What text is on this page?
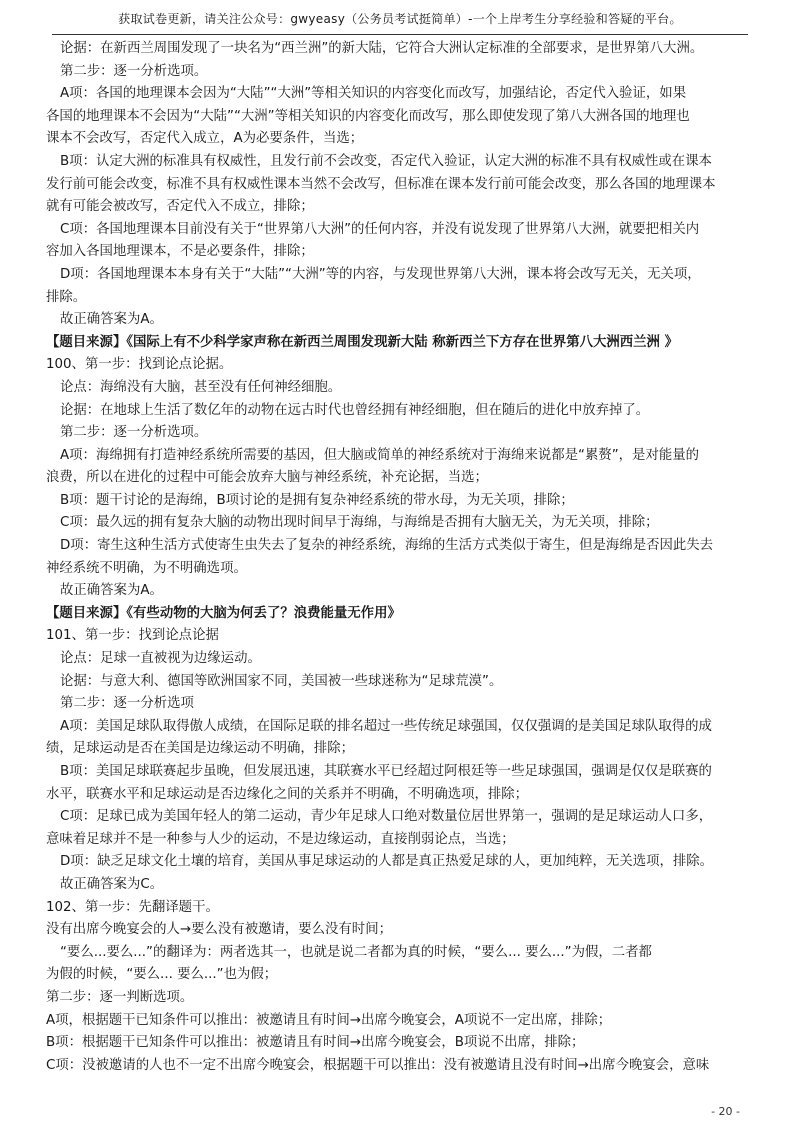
获取试卷更新，请关注公众号：gwyeasy（公务员考试挺简单）-一个上岸考生分享经验和答疑的平台。

论据：在新西兰周围发现了一块名为“西兰洲”的新大陆，它符合大洲认定标准的全部要求，是世界第八大洲。

第二步：逐一分析选项。

A项：各国的地理课本会因为“大陆”“大洲”等相关知识的内容变化而改写，加强结论，否定代入验证，如果

各国的地理课本不会因为“大陆”“大洲”等相关知识的内容变化而改写，那么即使发现了第八大洲各国的地理也

课本不会改写，否定代入成立，A为必要条件，当选；

B项：认定大洲的标准具有权威性，且发行前不会改变，否定代入验证，认定大洲的标准不具有权威性或在课本

发行前可能会改变，标准不具有权威性课本当然不会改写，但标准在课本发行前可能会改变，那么各国的地理课本

就有可能会被改写，否定代入不成立，排除；

C项：各国地理课本目前没有关于“世界第八大洲”的任何内容，并没有说发现了世界第八大洲，就要把相关内

容加入各国地理课本，不是必要条件，排除；

D项：各国地理课本本身有关于“大陆”“大洲”等的内容，与发现世界第八大洲，课本将会改写无关，无关项，

排除。

故正确答案为A。

【题目来源】《国际上有不少科学家声称在新西兰周围发现新大陆 称新西兰下方存在世界第八大洲西兰洲 》

100、第一步：找到论点论据。

论点：海绵没有大脑，甚至没有任何神经细胞。

论据：在地球上生活了数亿年的动物在远古时代也曾经拥有神经细胞，但在随后的进化中放弃掉了。

第二步：逐一分析选项。

A项：海绵拥有打造神经系统所需要的基因，但大脑或简单的神经系统对于海绵来说都是“累赘”，是对能量的

浪费，所以在进化的过程中可能会放弃大脑与神经系统，补充论据，当选；

B项：题干讨论的是海绵，B项讨论的是拥有复杂神经系统的带水母，为无关项，排除；

C项：最久远的拥有复杂大脑的动物出现时间早于海绵，与海绵是否拥有大脑无关，为无关项，排除；

D项：寄生这种生活方式使寄生虫失去了复杂的神经系统，海绵的生活方式类似于寄生，但是海绵是否因此失去

神经系统不明确，为不明确选项。

故正确答案为A。

【题目来源】《有些动物的大脑为何丢了？浪费能量无作用》

101、第一步：找到论点论据

论点：足球一直被视为边缘运动。

论据：与意大利、德国等欧洲国家不同，美国被一些球迷称为“足球荒漠”。

第二步：逐一分析选项

A项：美国足球队取得傲人成绩，在国际足联的排名超过一些传统足球强国，仅仅强调的是美国足球队取得的成

绩，足球运动是否在美国是边缘运动不明确，排除；

B项：美国足球联赛起步虽晚，但发展迅速，其联赛水平已经超过阿根廷等一些足球强国，强调是仅仅是联赛的

水平，联赛水平和足球运动是否边缘化之间的关系并不明确，不明确选项，排除；

C项：足球已成为美国年轻人的第二运动，青少年足球人口绝对数量位居世界第一，强调的是足球运动人口多，

意味着足球并不是一种参与人少的运动，不是边缘运动，直接削弱论点，当选；

D项：缺乏足球文化土壤的培育，美国从事足球运动的人都是真正热爱足球的人，更加纯粹，无关选项，排除。

故正确答案为C。

102、第一步：先翻译题干。

没有出席今晚宴会的人→要么没有被邀请，要么没有时间；

“要么...要么...”的翻译为：两者选其一，也就是说二者都为真的时候，“要么... 要么...”为假，二者都

为假的时候，“要么... 要么...”也为假；

第二步：逐一判断选项。

A项，根据题干已知条件可以推出：被邀请且有时间→出席今晚宴会，A项说不一定出席，排除；

B项：根据题干已知条件可以推出：被邀请且有时间→出席今晚宴会，B项说不出席，排除；

C项：没被邀请的人也不一定不出席今晚宴会，根据题干可以推出：没有被邀请且没有时间→出席今晚宴会，意味

- 20 -
